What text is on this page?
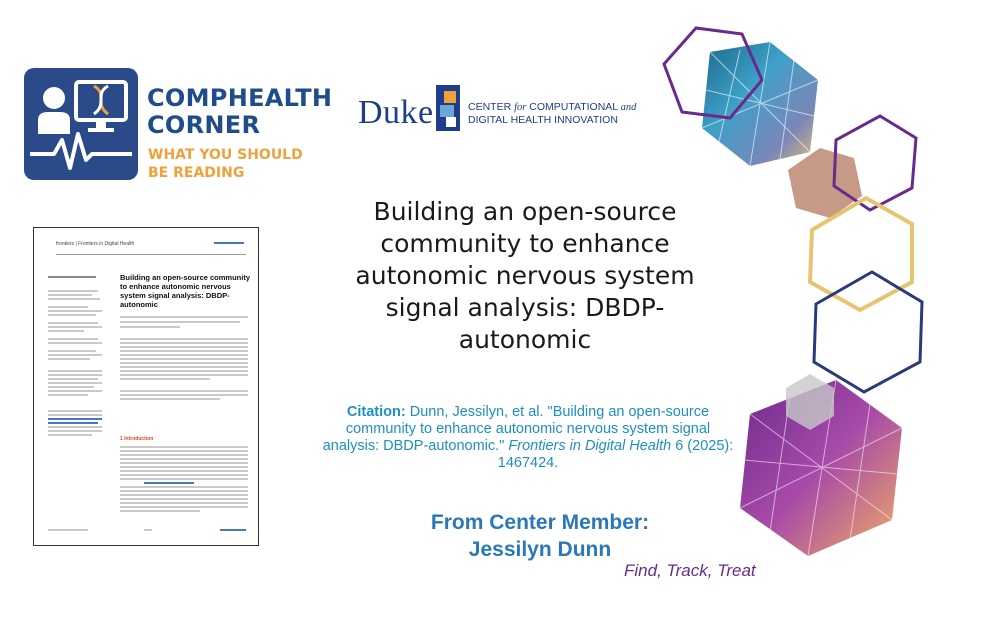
COMPHEALTH
CORNER
WHAT YOU SHOULD
BE READING
Duke	CENTER for COMPUTATIONAL and
DIGITAL HEALTH INNOVATION
frontiers | Frontiers in Digital Health
Building an open-source community to enhance autonomic nervous system signal analysis: DBDP-autonomic
1 Introduction
Building an open-source community to enhance autonomic nervous system signal analysis: DBDP-autonomic
Citation: Dunn, Jessilyn, et al. "Building an open-source community to enhance autonomic nervous system signal analysis: DBDP-autonomic." Frontiers in Digital Health 6 (2025): 1467424.
From Center Member:
Jessilyn Dunn
Find, Track, Treat
